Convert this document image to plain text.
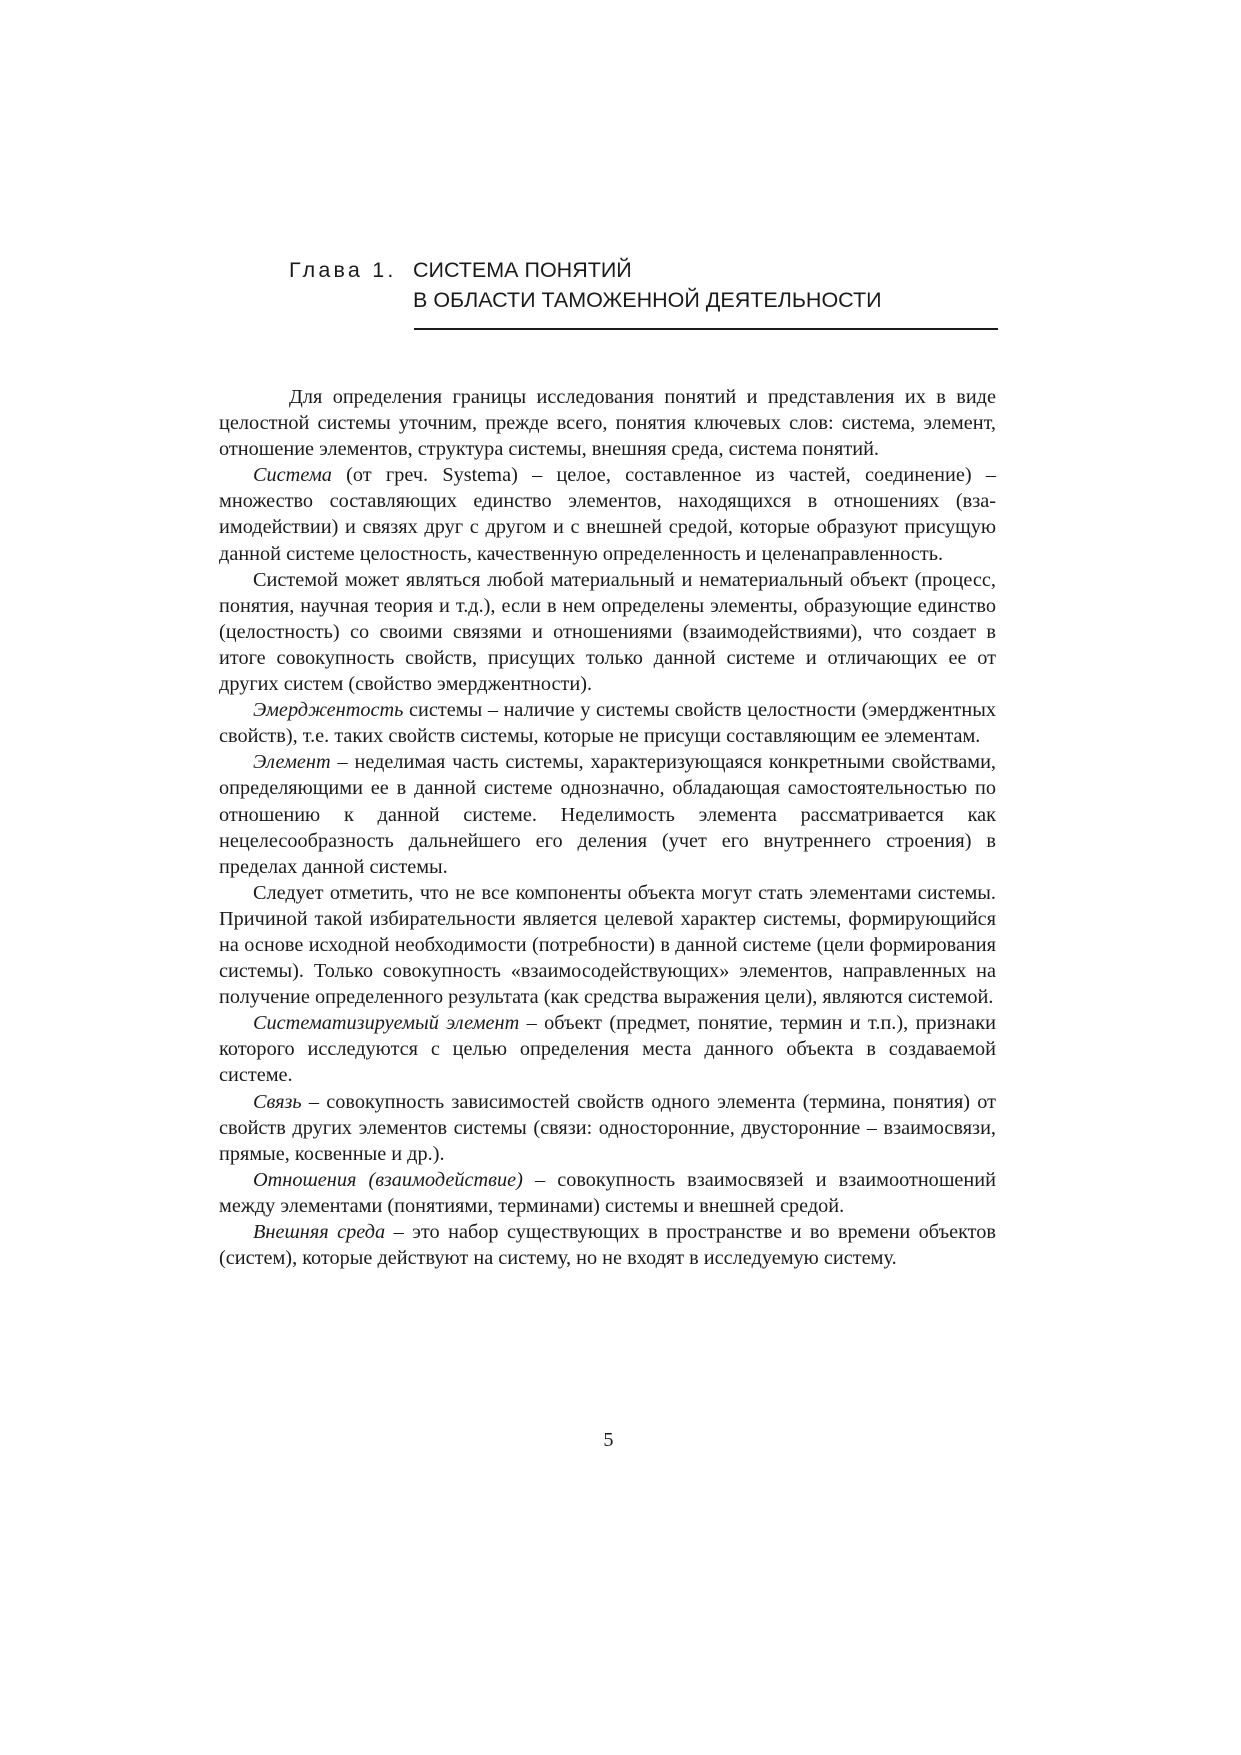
Глава 1. СИСТЕМА ПОНЯТИЙ
В ОБЛАСТИ ТАМОЖЕННОЙ ДЕЯТЕЛЬНОСТИ

Для определения границы исследования понятий и представления их в виде целостной системы уточним, прежде всего, понятия ключевых слов: система, элемент, отношение элементов, структура системы, внешняя среда, система понятий.

Система (от греч. Systema) – целое, составленное из частей, соединение) – множество составляющих единство элементов, находящихся в отношениях (взаимодействии) и связях друг с другом и с внешней средой, которые образуют присущую данной системе целостность, качественную определенность и целенаправленность.

Системой может являться любой материальный и нематериальный объект (процесс, понятия, научная теория и т.д.), если в нем определены элементы, образующие единство (целостность) со своими связями и отношениями (взаимодействиями), что создает в итоге совокупность свойств, присущих только данной системе и отличающих ее от других систем (свойство эмерджентности).

Эмерджентость системы – наличие у системы свойств целостности (эмерджентных свойств), т.е. таких свойств системы, которые не присущи составляющим ее элементам.

Элемент – неделимая часть системы, характеризующаяся конкретными свойствами, определяющими ее в данной системе однозначно, обладающая самостоятельностью по отношению к данной системе. Неделимость элемента рассматривается как нецелесообразность дальнейшего его деления (учет его внутреннего строения) в пределах данной системы.

Следует отметить, что не все компоненты объекта могут стать элементами системы. Причиной такой избирательности является целевой характер системы, формирующийся на основе исходной необходимости (потребности) в данной системе (цели формирования системы). Только совокупность «взаимосодействующих» элементов, направленных на получение определенного результата (как средства выражения цели), являются системой.

Систематизируемый элемент – объект (предмет, понятие, термин и т.п.), признаки которого исследуются с целью определения места данного объекта в создаваемой системе.

Связь – совокупность зависимостей свойств одного элемента (термина, понятия) от свойств других элементов системы (связи: односторонние, двусторонние – взаимосвязи, прямые, косвенные и др.).

Отношения (взаимодействие) – совокупность взаимосвязей и взаимоотношений между элементами (понятиями, терминами) системы и внешней средой.

Внешняя среда – это набор существующих в пространстве и во времени объектов (систем), которые действуют на систему, но не входят в исследуемую систему.

5
